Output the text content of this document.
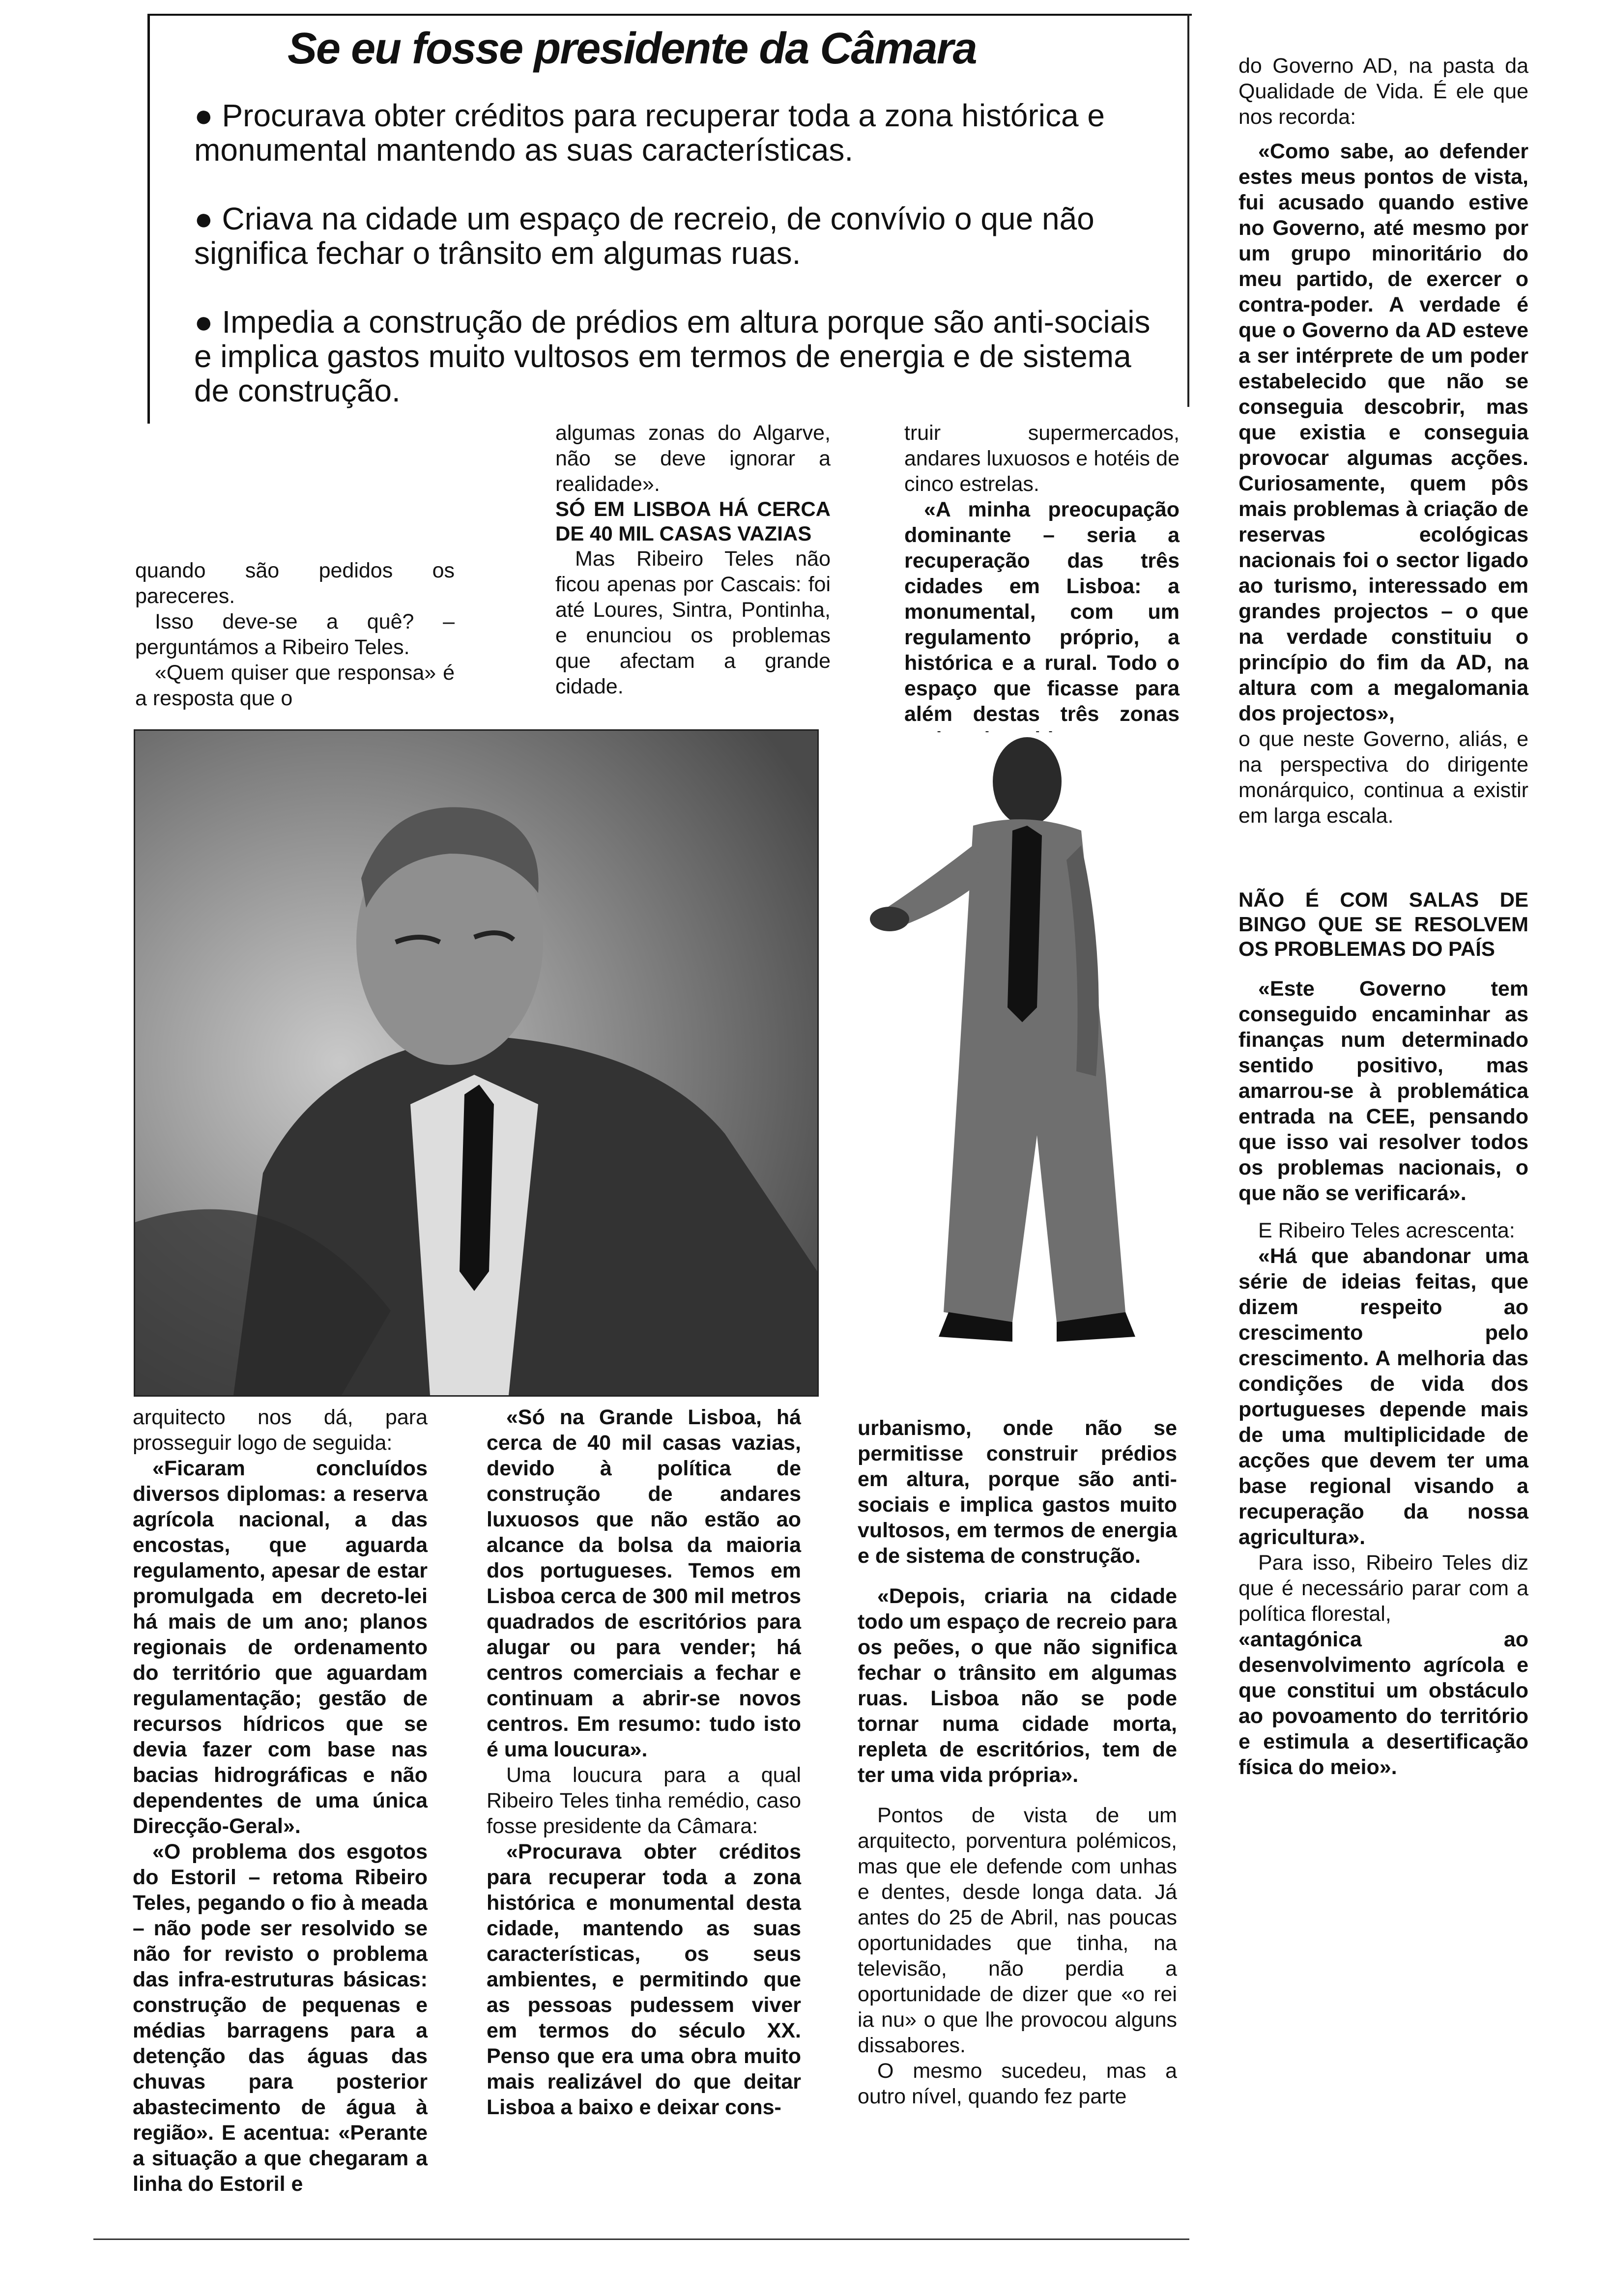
Se eu fosse presidente da Câmara
● Procurava obter créditos para recuperar toda a zona histórica e monumental mantendo as suas características.
● Criava na cidade um espaço de recreio, de convívio o que não significa fechar o trânsito em algumas ruas.
● Impedia a construção de prédios em altura porque são anti-sociais e implica gastos muito vultosos em termos de energia e de sistema de construção.

quando são pedidos os pareceres.

Isso deve-se a quê? – perguntámos a Ribeiro Teles.

«Quem quiser que responsa» é a resposta que o

algumas zonas do Algarve, não se deve ignorar a realidade».

SÓ EM LISBOA HÁ CERCA DE 40 MIL CASAS VAZIAS

Mas Ribeiro Teles não ficou apenas por Cascais: foi até Loures, Sintra, Pontinha, e enunciou os problemas que afectam a grande cidade.

truir supermercados, andares luxuosos e hotéis de cinco estrelas.

«A minha preocupação dominante – seria a recuperação das três cidades em Lisboa: a monumental, com um regulamento próprio, a histórica e a rural. Todo o espaço que ficasse para além destas três zonas

do Governo AD, na pasta da Qualidade de Vida. É ele que nos recorda:

«Como sabe, ao defender estes meus pontos de vista, fui acusado quando estive no Governo, até mesmo por um grupo minoritário do meu partido, de exercer o contra-poder. A verdade é que o Governo da AD esteve a ser intérprete de um poder estabelecido que não se conseguia descobrir, mas que existia e conseguia provocar algumas acções. Curiosamente, quem pôs mais problemas à criação de reservas ecológicas nacionais foi o sector ligado ao turismo, interessado em grandes projectos – o que na verdade constituiu o princípio do fim da AD, na altura com a megalomania dos projectos»,

o que neste Governo, aliás, e na perspectiva do dirigente monárquico, continua a existir em larga escala.

NÃO É COM SALAS DE BINGO QUE SE RESOLVEM OS PROBLEMAS DO PAÍS

«Este Governo tem conseguido encaminhar as finanças num determinado sentido positivo, mas amarrou-se à problemática entrada na CEE, pensando que isso vai resolver todos os problemas nacionais, o que não se verificará».

E Ribeiro Teles acrescenta:

«Há que abandonar uma série de ideias feitas, que dizem respeito ao crescimento pelo crescimento. A melhoria das condições de vida dos portugueses depende mais de uma multiplicidade de acções que devem ter uma base regional visando a recuperação da nossa agricultura».

Para isso, Ribeiro Teles diz que é necessário parar com a política florestal,

«antagónica ao desenvolvimento agrícola e que constitui um obstáculo ao povoamento do território e estimula a desertificação física do meio».

arquitecto nos dá, para prosseguir logo de seguida:

«Ficaram concluídos diversos diplomas: a reserva agrícola nacional, a das encostas, que aguarda regulamento, apesar de estar promulgada em decreto-lei há mais de um ano; planos regionais de ordenamento do território que aguardam regulamentação; gestão de recursos hídricos que se devia fazer com base nas bacias hidrográficas e não dependentes de uma única Direcção-Geral».

«O problema dos esgotos do Estoril – retoma Ribeiro Teles, pegando o fio à meada – não pode ser resolvido se não for revisto o problema das infra-estruturas básicas: construção de pequenas e médias barragens para a detenção das águas das chuvas para posterior abastecimento de água à região». E acentua: «Perante a situação a que chegaram a linha do Estoril e

«Só na Grande Lisboa, há cerca de 40 mil casas vazias, devido à política de construção de andares luxuosos que não estão ao alcance da bolsa da maioria dos portugueses. Temos em Lisboa cerca de 300 mil metros quadrados de escritórios para alugar ou para vender; há centros comerciais a fechar e continuam a abrir-se novos centros. Em resumo: tudo isto é uma loucura».

Uma loucura para a qual Ribeiro Teles tinha remédio, caso fosse presidente da Câmara:

«Procurava obter créditos para recuperar toda a zona histórica e monumental desta cidade, mantendo as suas características, os seus ambientes, e permitindo que as pessoas pudessem viver em termos do século XX. Penso que era uma obra muito mais realizável do que deitar Lisboa a baixo e deixar cons-

urbanismo, onde não se permitisse construir prédios em altura, porque são anti-sociais e implica gastos muito vultosos, em termos de energia e de sistema de construção.

«Depois, criaria na cidade todo um espaço de recreio para os peões, o que não significa fechar o trânsito em algumas ruas. Lisboa não se pode tornar numa cidade morta, repleta de escritórios, tem de ter uma vida própria».

Pontos de vista de um arquitecto, porventura polémicos, mas que ele defende com unhas e dentes, desde longa data. Já antes do 25 de Abril, nas poucas oportunidades que tinha, na televisão, não perdia a oportunidade de dizer que «o rei ia nu» o que lhe provocou alguns dissabores.

O mesmo sucedeu, mas a outro nível, quando fez parte
